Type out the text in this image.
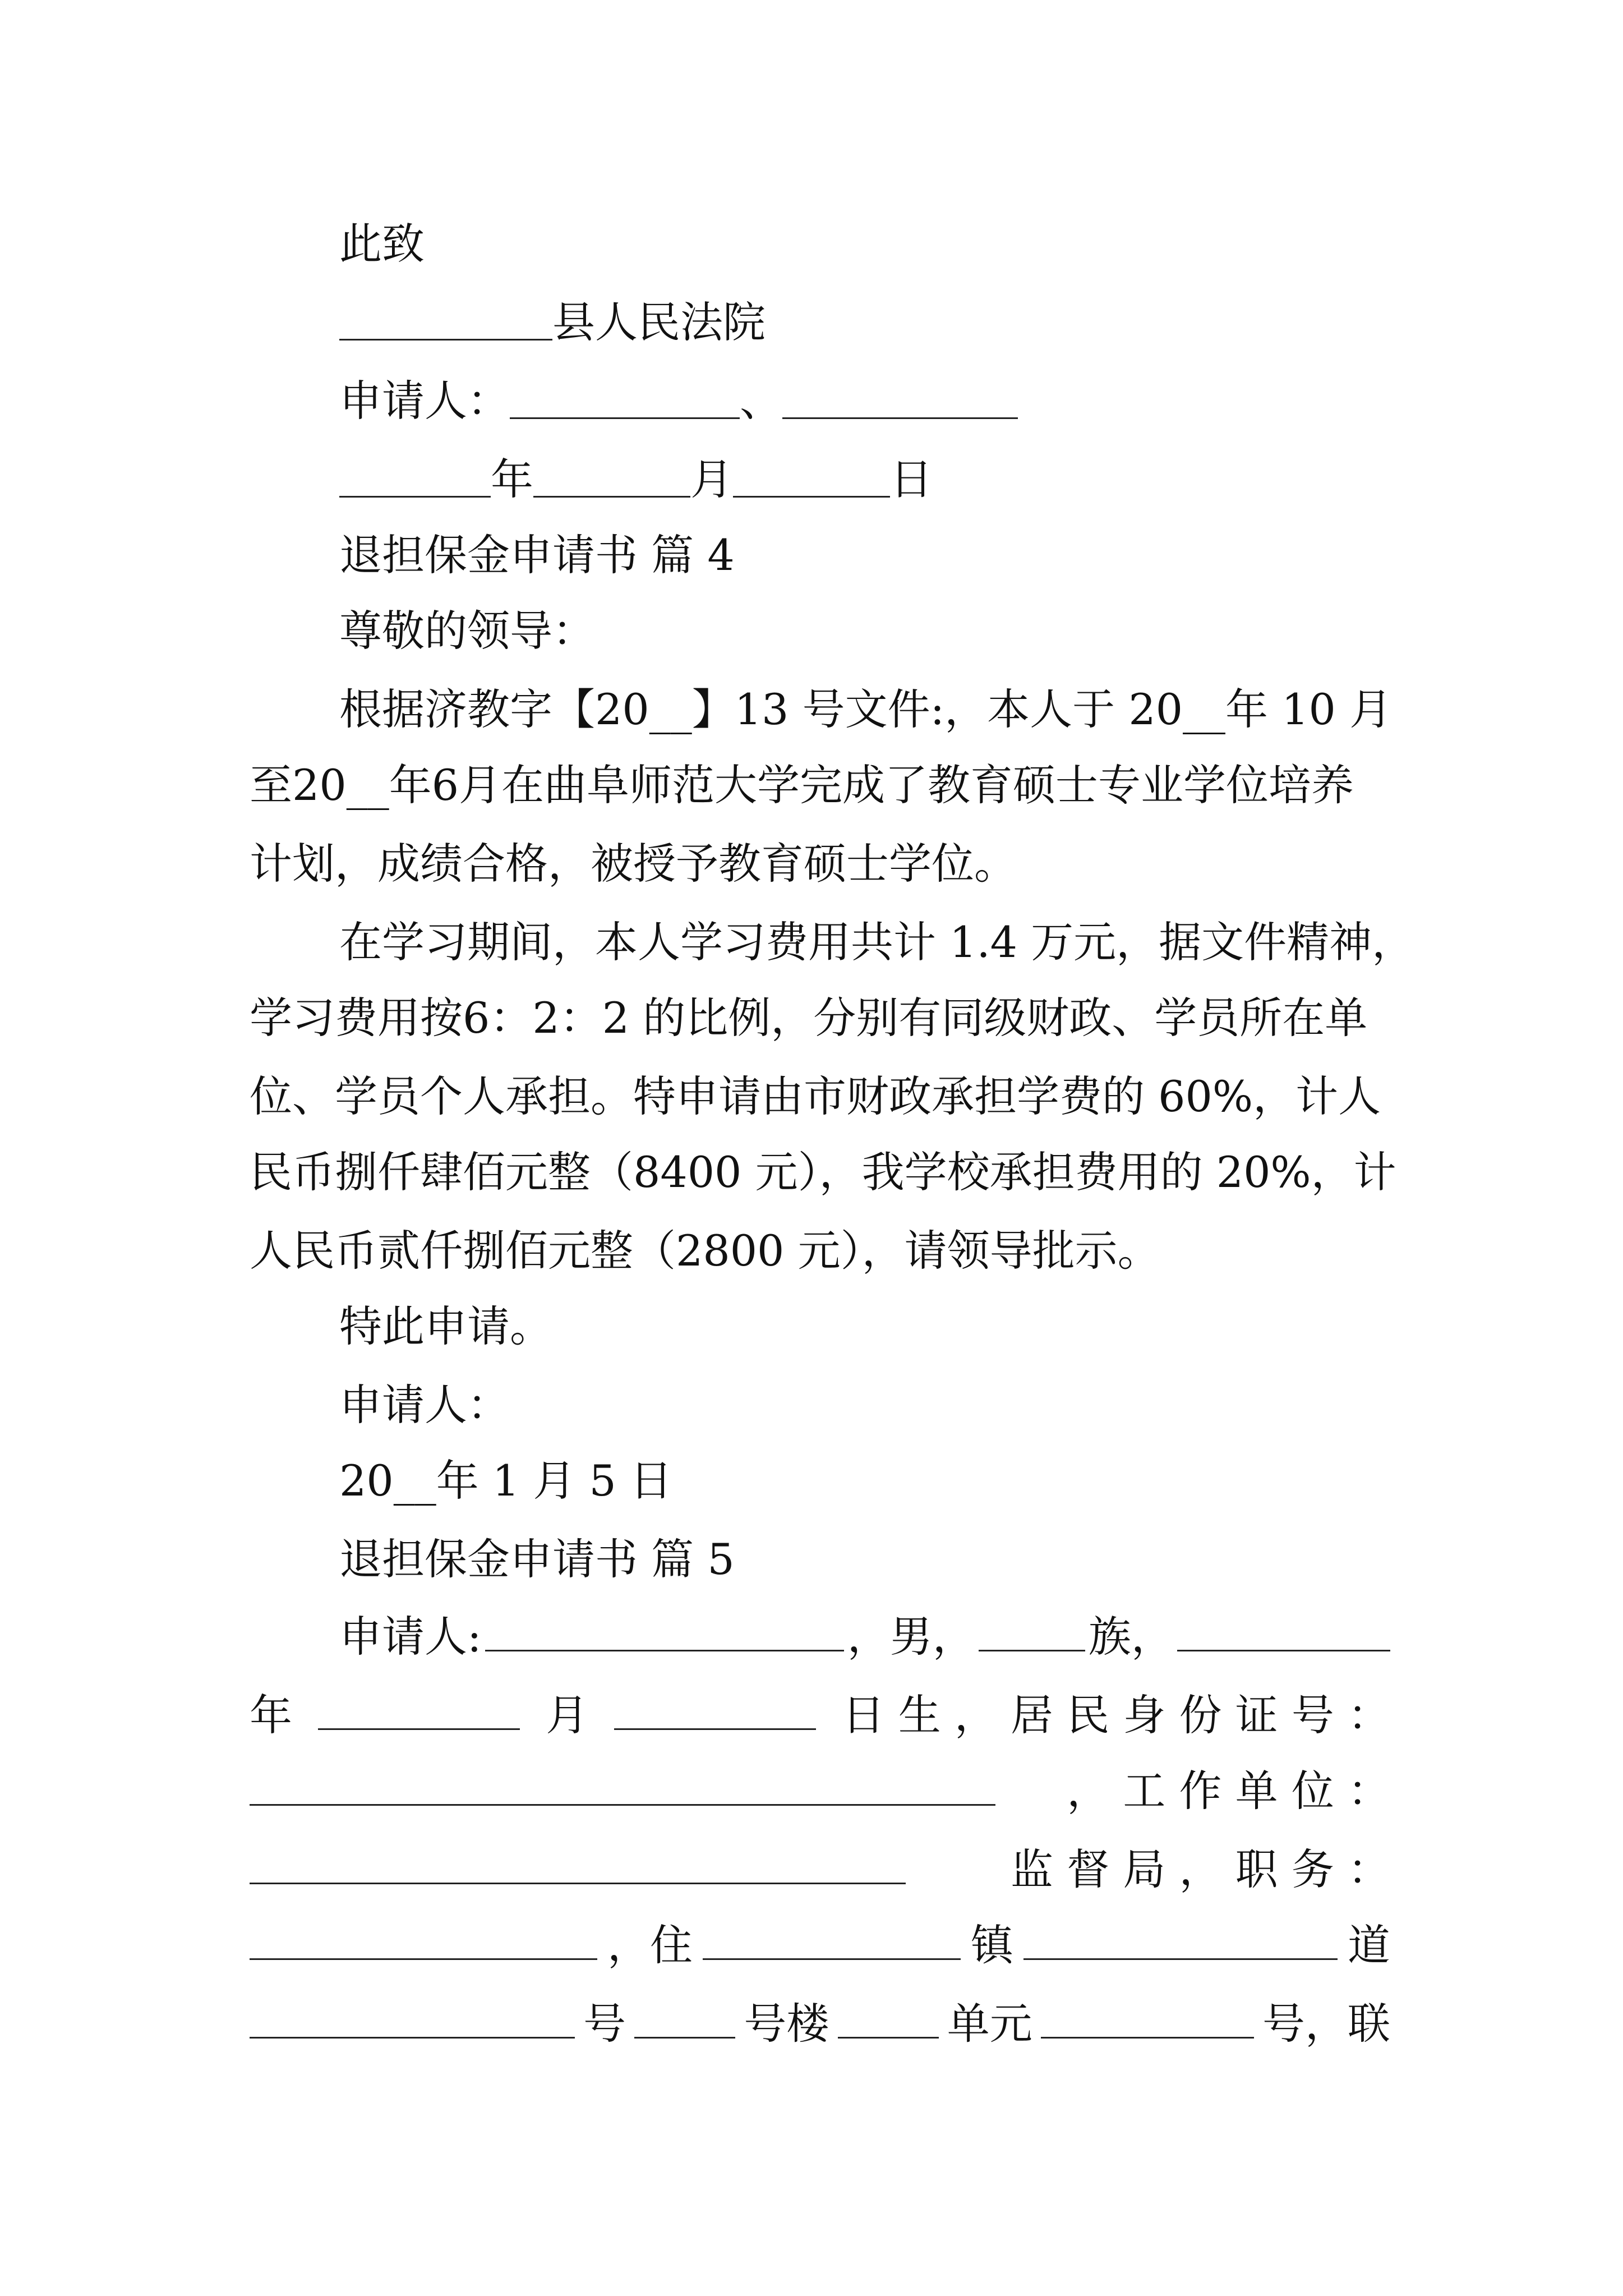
此致
县人民法院
申请人：	、
年	月	日
退担保金申请书 篇 4
尊敬的领导：
根据济教字【20__】13 号文件:，本人于 20__年 10 月
至20__年6月在曲阜师范大学完成了教育硕士专业学位培养
计划，成绩合格，被授予教育硕士学位。
在学习期间，本人学习费用共计 1.4 万元，据文件精神，
学习费用按6：2：2 的比例，分别有同级财政、学员所在单
位、学员个人承担。特申请由市财政承担学费的 60%，计人
民币捌仟肆佰元整（8400 元），我学校承担费用的 20%，计
人民币贰仟捌佰元整（2800 元），请领导批示。
特此申请。
申请人：
20__年 1 月 5 日
退担保金申请书 篇 5
申请人:	，男，	族，
年	月	日 生 ， 居 民 身 份 证 号 ：
， 工 作 单 位 ：
监 督 局 ， 职 务 ：
，住	镇	道
号	号楼	单元	号，联
